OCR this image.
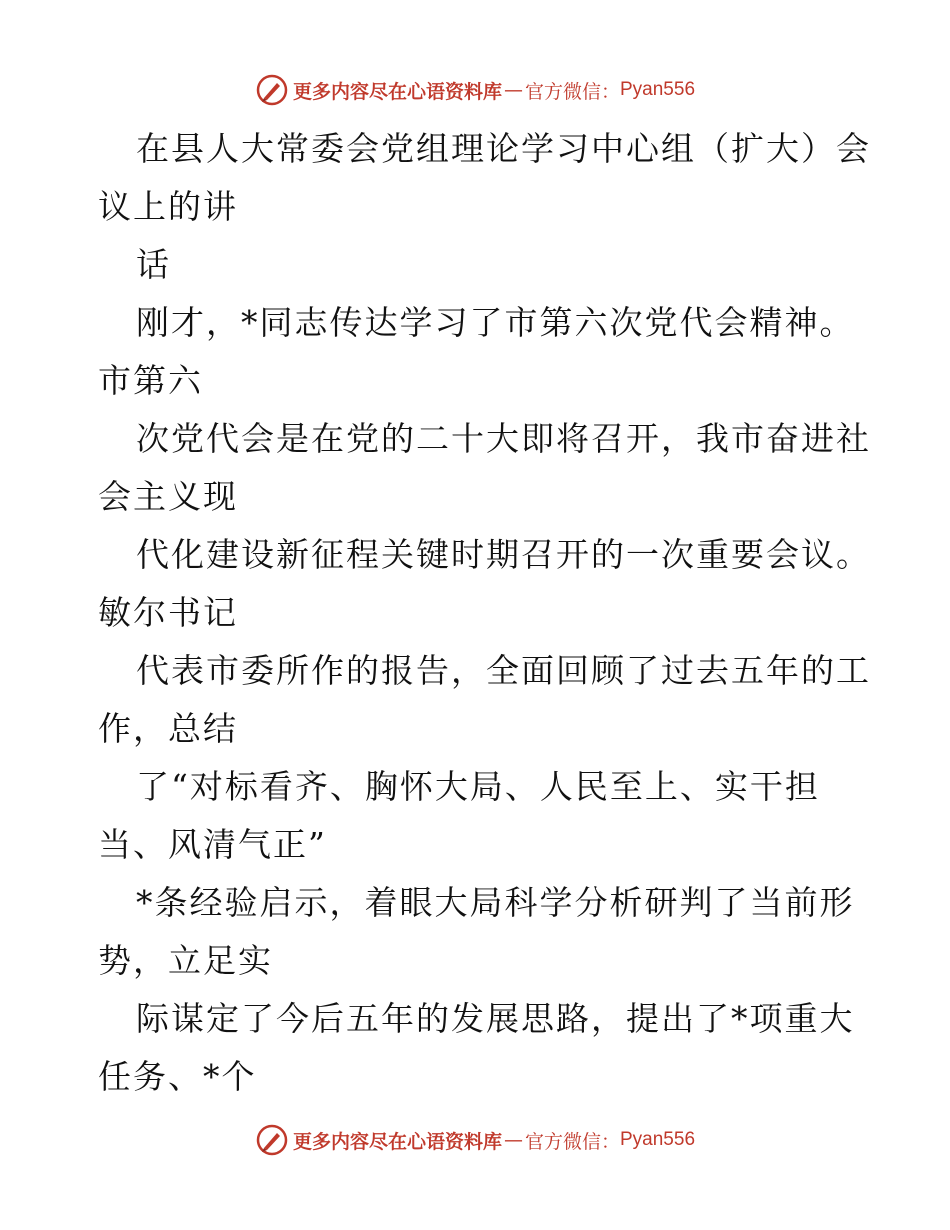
更多内容尽在心语资料库 — 官方微信： Pyan556
在县人大常委会党组理论学习中心组（扩大）会
议上的讲
话
刚才，*同志传达学习了市第六次党代会精神。
市第六
次党代会是在党的二十大即将召开，我市奋进社
会主义现
代化建设新征程关键时期召开的一次重要会议。
敏尔书记
代表市委所作的报告，全面回顾了过去五年的工
作，总结
了“对标看齐、胸怀大局、人民至上、实干担
当、风清气正”
*条经验启示，着眼大局科学分析研判了当前形
势，立足实
际谋定了今后五年的发展思路，提出了*项重大
任务、*个
更多内容尽在心语资料库 — 官方微信： Pyan556
